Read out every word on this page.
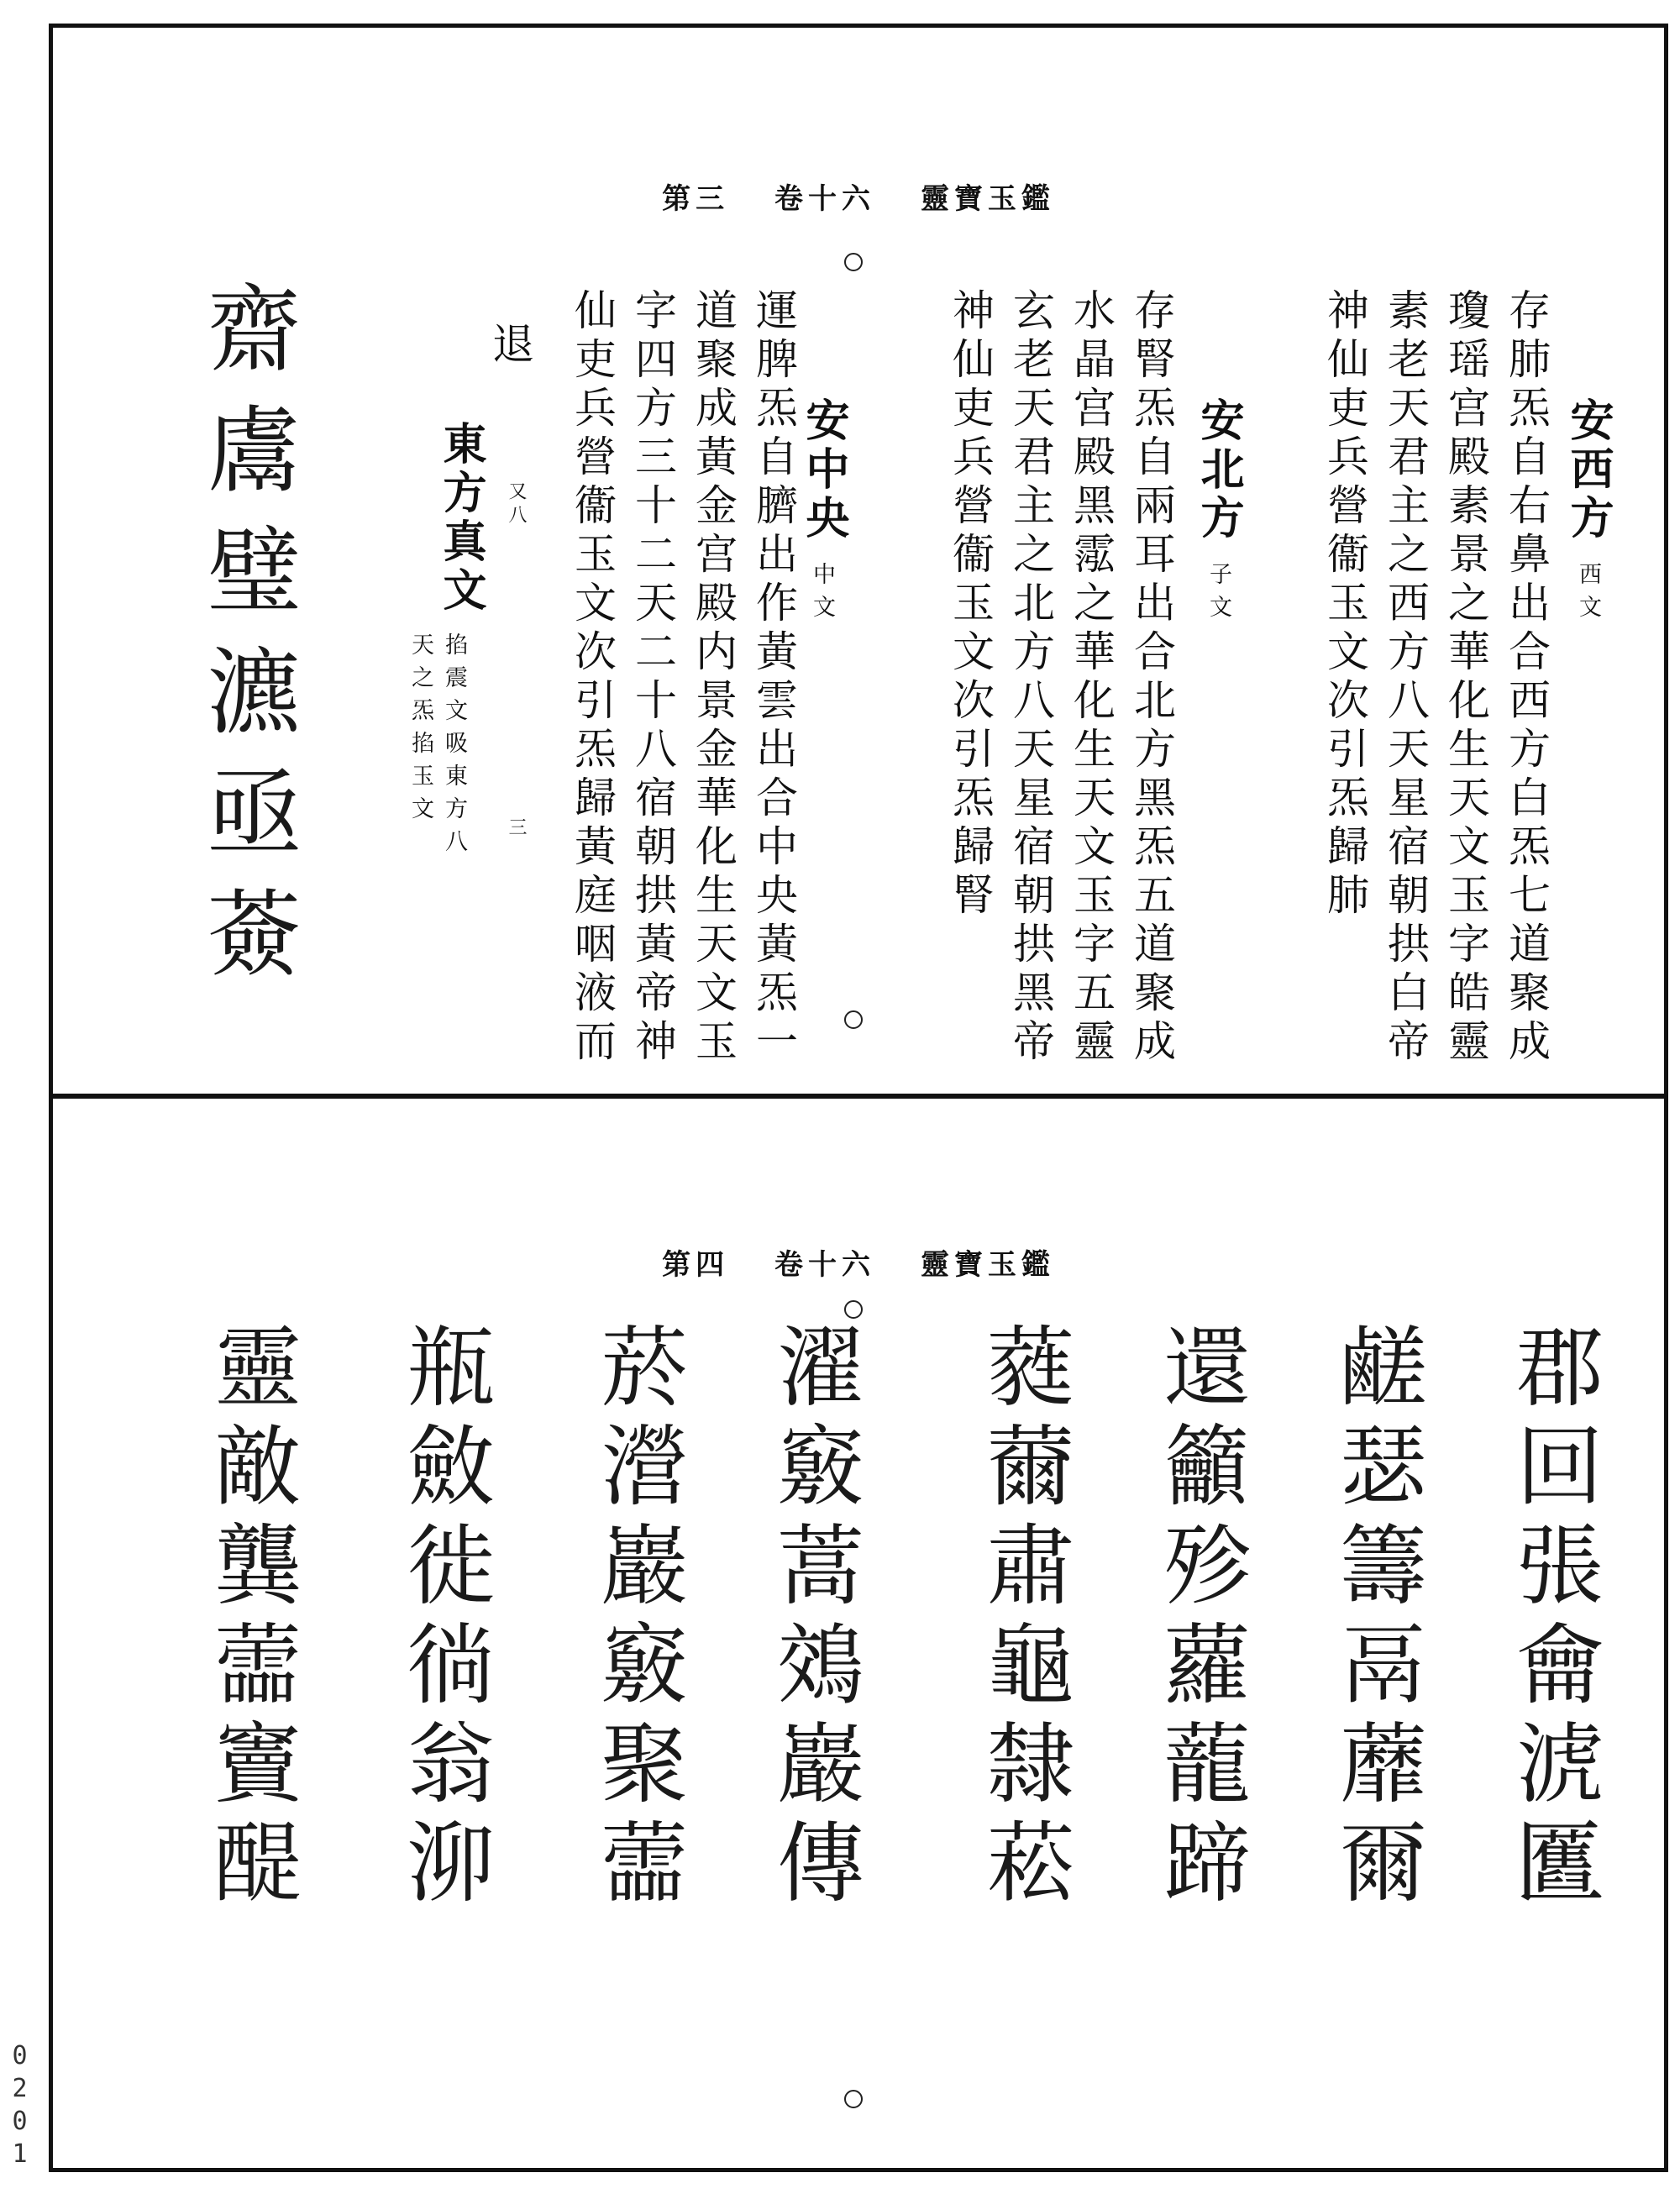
第三 卷十六 靈寶玉鑑
安西方
西文
存肺炁自右鼻出合西方白炁七道聚成
瓊瑶宫殿素景之華化生天文玉字皓靈
素老天君主之西方八天星宿朝拱白帝
神仙吏兵營衞玉文次引炁歸肺
安北方
子文
存腎炁自兩耳出合北方黑炁五道聚成
水晶宫殿黑霐之華化生天文玉字五靈
玄老天君主之北方八天星宿朝拱黑帝
神仙吏兵營衞玉文次引炁歸腎
安中央
中文
運脾炁自臍出作黃雲出合中央黃炁一
道聚成黃金宫殿内景金華化生天文玉
字四方三十二天二十八宿朝拱黃帝神
仙吏兵營衞玉文次引炁歸黃庭咽液而
又八
三
東方真文
掐震文吸東方八
天之炁掐玉文
退
齋鬳璧瀌亟薟
第四 卷十六 靈寶玉鑑
郡回張龠淲匶
鹺瑟籌鬲蘼爾
還籲殄蘿蘢蹄
蕤薾肅龜隸菘
濯竅蒿鵁巖傳
菸瀯巖竅聚蘦
瓶斂徙徜翁泖
靈敵龔蘦竇醍
0201
